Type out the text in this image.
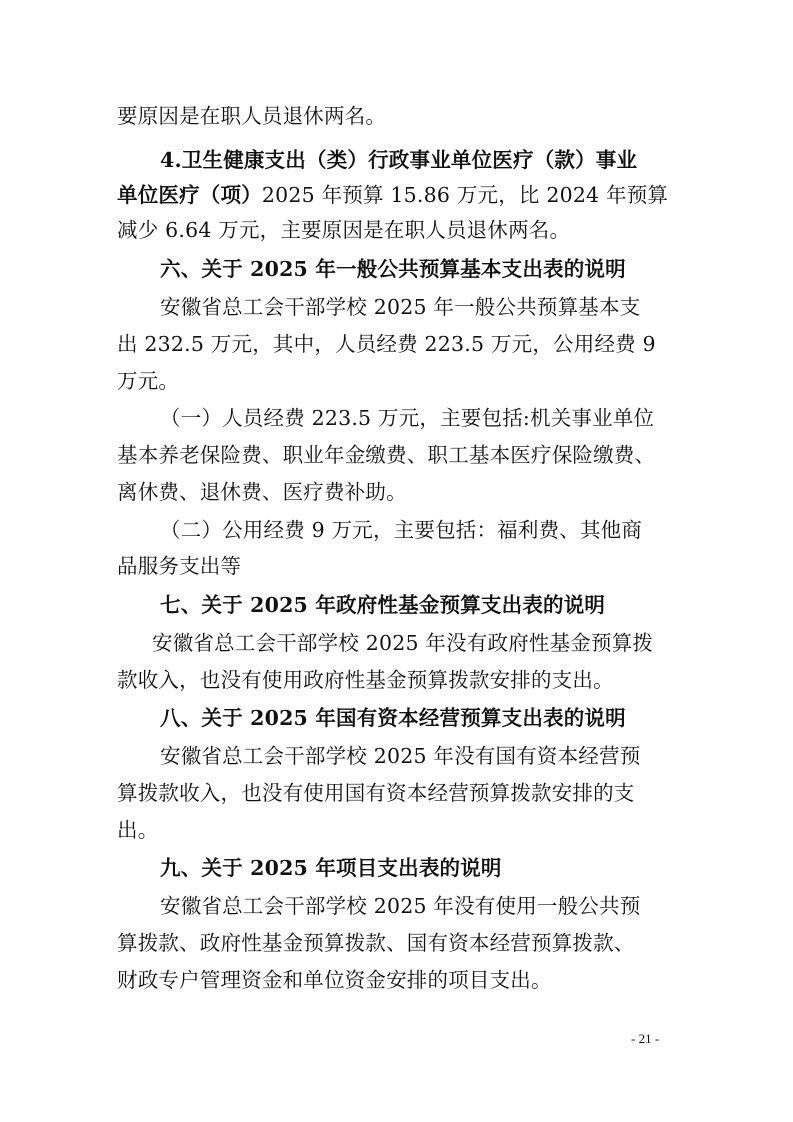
要原因是在职人员退休两名。
4.卫生健康支出（类）行政事业单位医疗（款）事业
单位医疗（项）2025 年预算 15.86 万元，比 2024 年预算
减少 6.64 万元，主要原因是在职人员退休两名。
六、关于 2025 年一般公共预算基本支出表的说明
安徽省总工会干部学校 2025 年一般公共预算基本支
出 232.5 万元，其中，人员经费 223.5 万元，公用经费 9
万元。
（一）人员经费 223.5 万元，主要包括:机关事业单位
基本养老保险费、职业年金缴费、职工基本医疗保险缴费、
离休费、退休费、医疗费补助。
（二）公用经费 9 万元，主要包括：福利费、其他商
品服务支出等
七、关于 2025 年政府性基金预算支出表的说明
安徽省总工会干部学校 2025 年没有政府性基金预算拨
款收入，也没有使用政府性基金预算拨款安排的支出。
八、关于 2025 年国有资本经营预算支出表的说明
安徽省总工会干部学校 2025 年没有国有资本经营预
算拨款收入，也没有使用国有资本经营预算拨款安排的支
出。
九、关于 2025 年项目支出表的说明
安徽省总工会干部学校 2025 年没有使用一般公共预
算拨款、政府性基金预算拨款、国有资本经营预算拨款、
财政专户管理资金和单位资金安排的项目支出。
- 21 -
